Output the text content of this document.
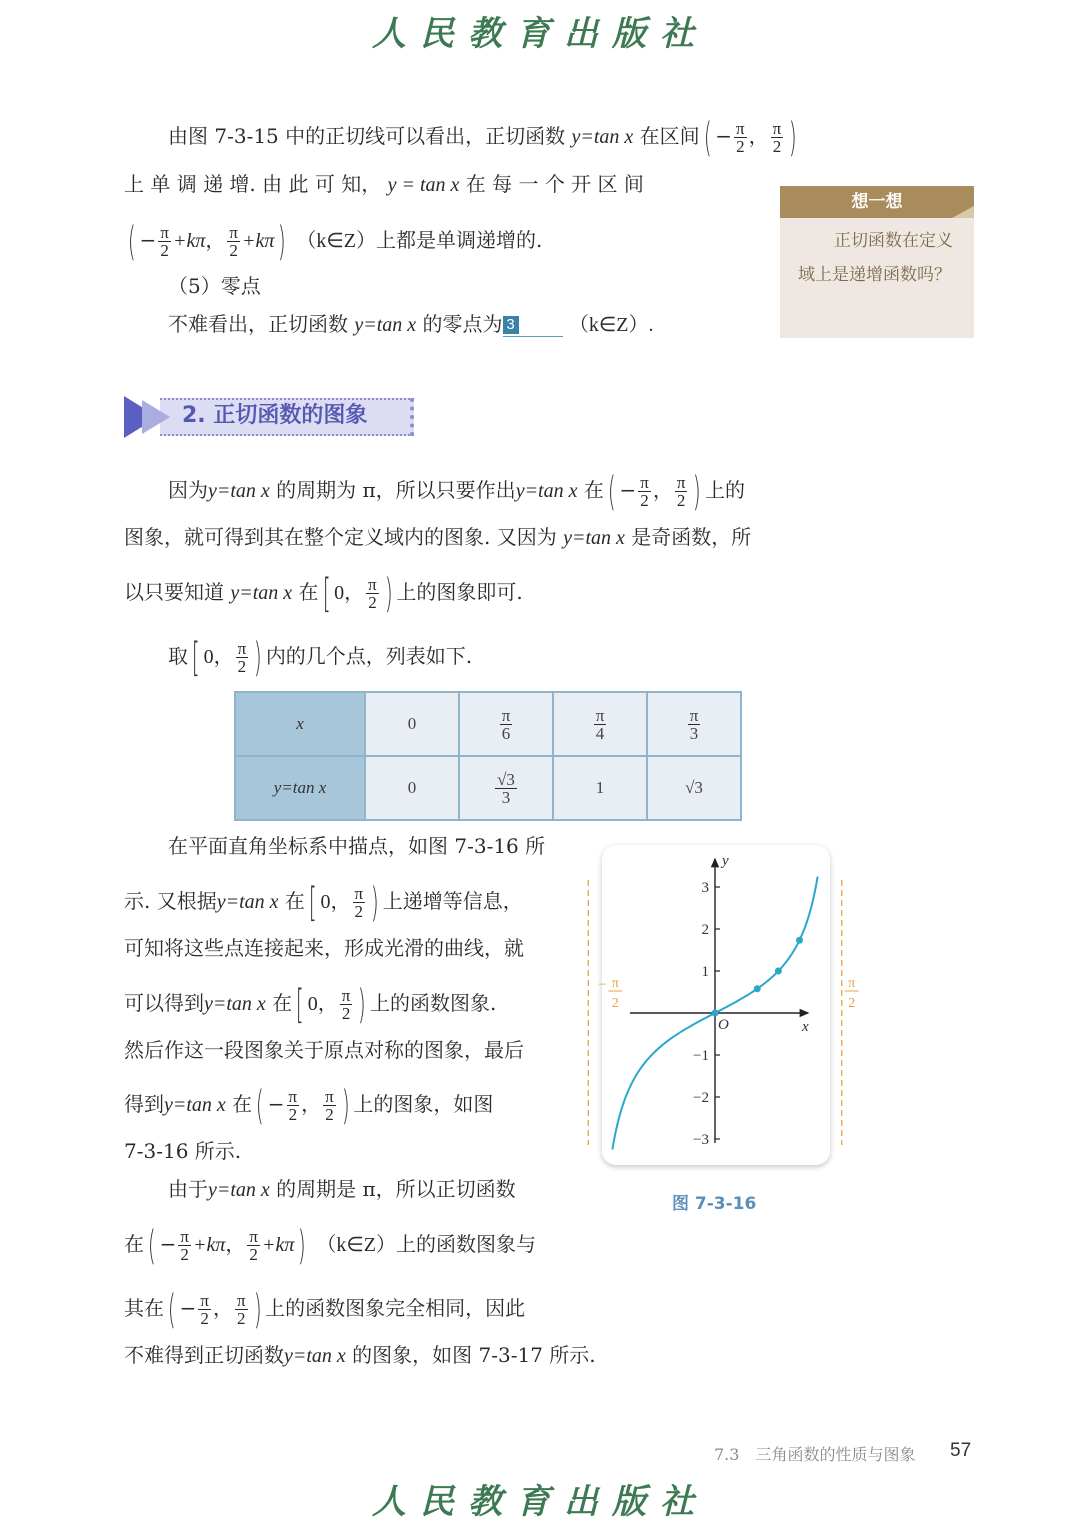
人民教育出版社
由图 7-3-15 中的正切线可以看出，正切函数 y=tan x 在区间( − $\frac{\pi}{2}$ ， $\frac{\pi}{2}$ )
上 单 调 递 增. 由 此 可 知， y = tan x 在 每 一 个 开 区 间
( − $\frac{\pi}{2} +k\pi$， $\frac{\pi}{2} +k\pi$) （k∈Z）上都是单调递增的.
（5）零点
不难看出，正切函数 y=tan x 的零点为 3	（k∈Z）.
想一想
正切函数在定义域上是递增函数吗？
2. 正切函数的图象
因为y=tan x 的周期为 π，所以只要作出y=tan x 在( − $\frac{\pi}{2}$ ， $\frac{\pi}{2}$ ) 上的
图象，就可得到其在整个定义域内的图象. 又因为 y=tan x 是奇函数，所
以只要知道 y=tan x 在[ 0， $\frac{\pi}{2}$ ) 上的图象即可.
取[ 0， $\frac{\pi}{2}$ ) 内的几个点，列表如下.
x	0	$\frac{\pi}{6}$	$\frac{\pi}{4}$	$\frac{\pi}{3}$

y=tan x	0	$\frac{√3}{3}$	1	√3
在平面直角坐标系中描点，如图 7-3-16 所
示. 又根据y=tan x 在[ 0， $\frac{\pi}{2}$ ) 上递增等信息，
可知将这些点连接起来，形成光滑的曲线，就
可以得到y=tan x 在[ 0， $\frac{\pi}{2}$ ) 上的函数图象.
然后作这一段图象关于原点对称的图象，最后
得到y=tan x 在( − $\frac{\pi}{2}$ ， $\frac{\pi}{2}$ ) 上的图象，如图
7-3-16 所示.
由于y=tan x 的周期是 π，所以正切函数
在( − $\frac{\pi}{2} +k\pi$， $\frac{\pi}{2} +k\pi$) （k∈Z）上的函数图象与
其在( − $\frac{\pi}{2}$ ， $\frac{\pi}{2}$ ) 上的函数图象完全相同，因此
不难得到正切函数y=tan x 的图象，如图 7-3-17 所示.
x
y
O
−3
−2
−1
1
2
3
− π
2
π
2
图 7-3-16
7.3　三角函数的性质与图象 57
人民教育出版社
